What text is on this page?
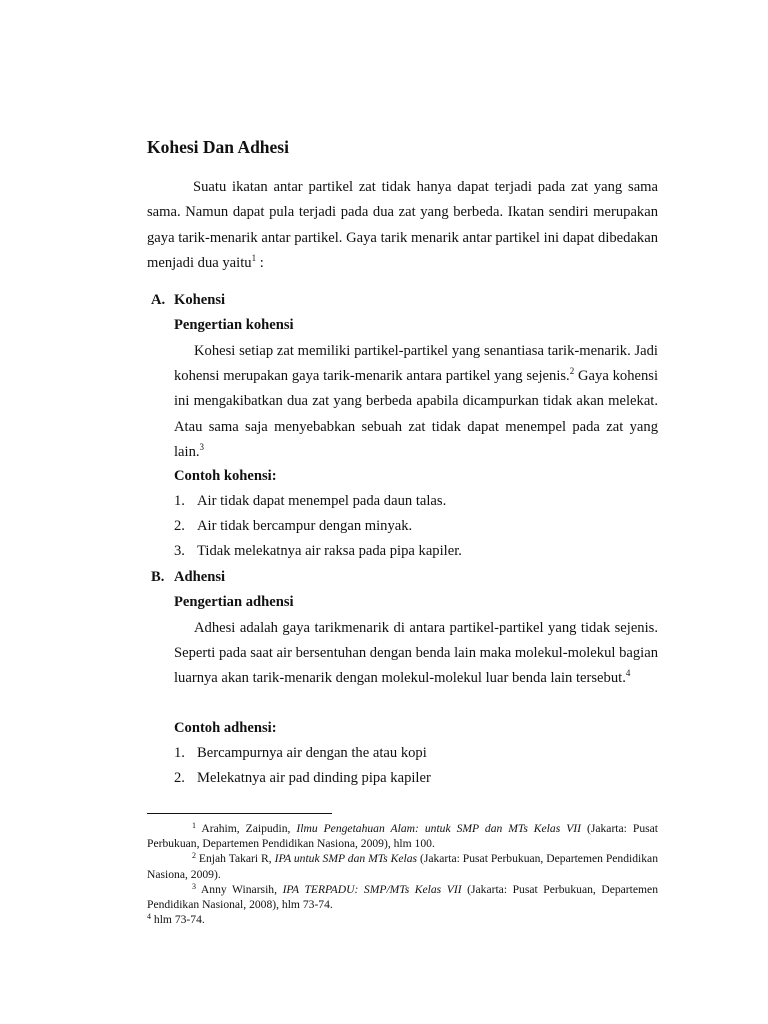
Kohesi Dan Adhesi

Suatu ikatan antar partikel zat tidak hanya dapat terjadi pada zat yang sama sama. Namun dapat pula terjadi pada dua zat yang berbeda. Ikatan sendiri merupakan gaya tarik-menarik antar partikel. Gaya tarik menarik antar partikel ini dapat dibedakan menjadi dua yaitu$^1$ :

A. Kohensi

Pengertian kohensi

Kohesi setiap zat memiliki partikel-partikel yang senantiasa tarik-menarik. Jadi kohensi merupakan gaya tarik-menarik antara partikel yang sejenis.$^2$ Gaya kohensi ini mengakibatkan dua zat yang berbeda apabila dicampurkan tidak akan melekat. Atau sama saja menyebabkan sebuah zat tidak dapat menempel pada zat yang lain.$^3$

Contoh kohensi:

1. Air tidak dapat menempel pada daun talas.

2. Air tidak bercampur dengan minyak.

3. Tidak melekatnya air raksa pada pipa kapiler.

B. Adhensi

Pengertian adhensi

Adhesi adalah gaya tarikmenarik di antara partikel-partikel yang tidak sejenis. Seperti pada saat air bersentuhan dengan benda lain maka molekul-molekul bagian luarnya akan tarik-menarik dengan molekul-molekul luar benda lain tersebut.$^4$

Contoh adhensi:

1. Bercampurnya air dengan the atau kopi

2. Melekatnya air pad dinding pipa kapiler

$^1$ Arahim, Zaipudin, Ilmu Pengetahuan Alam: untuk SMP dan MTs Kelas VII (Jakarta: Pusat Perbukuan, Departemen Pendidikan Nasiona, 2009), hlm 100.

$^2$ Enjah Takari R, IPA untuk SMP dan MTs Kelas (Jakarta: Pusat Perbukuan, Departemen Pendidikan Nasiona, 2009).

$^3$ Anny Winarsih, IPA TERPADU: SMP/MTs Kelas VII (Jakarta: Pusat Perbukuan, Departemen Pendidikan Nasional, 2008), hlm 73-74.

$^4$ hlm 73-74.
